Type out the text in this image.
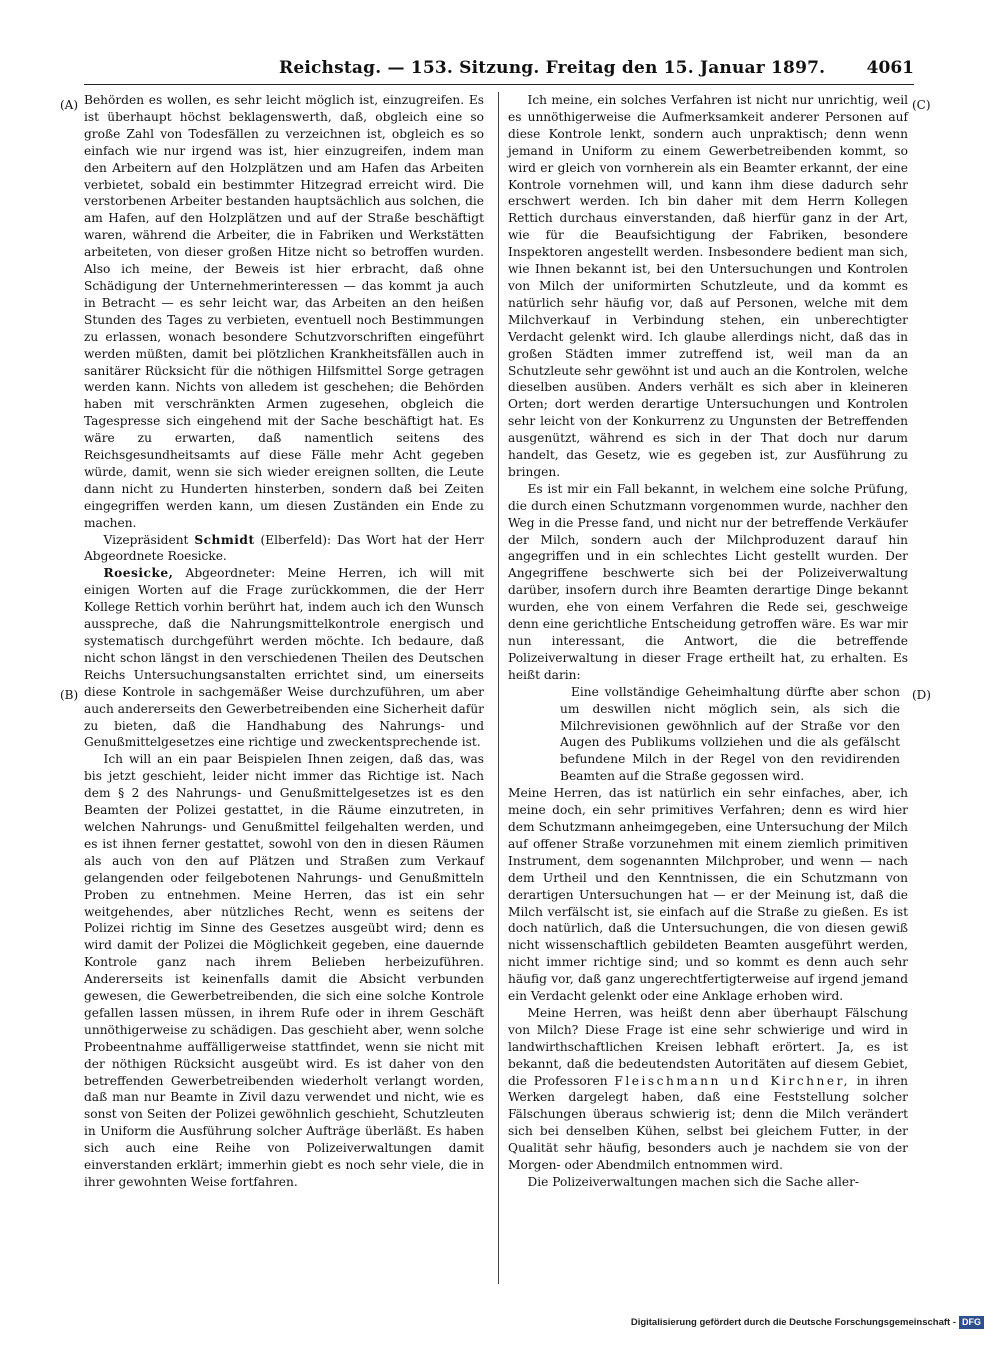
Reichstag. — 153. Sitzung. Freitag den 15. Januar 1897. 4061
(A)
(B)
(C)
(D)

Behörden es wollen, es sehr leicht möglich ist, einzugreifen. Es ist überhaupt höchst beklagenswerth, daß, obgleich eine so große Zahl von Todesfällen zu verzeichnen ist, obgleich es so einfach wie nur irgend was ist, hier einzugreifen, indem man den Arbeitern auf den Holzplätzen und am Hafen das Arbeiten verbietet, sobald ein bestimmter Hitzegrad erreicht wird. Die verstorbenen Arbeiter bestanden hauptsächlich aus solchen, die am Hafen, auf den Holzplätzen und auf der Straße beschäftigt waren, während die Arbeiter, die in Fabriken und Werkstätten arbeiteten, von dieser großen Hitze nicht so betroffen wurden. Also ich meine, der Beweis ist hier erbracht, daß ohne Schädigung der Unternehmerinteressen — das kommt ja auch in Betracht — es sehr leicht war, das Arbeiten an den heißen Stunden des Tages zu verbieten, eventuell noch Bestimmungen zu erlassen, wonach besondere Schutzvorschriften eingeführt werden müßten, damit bei plötzlichen Krankheitsfällen auch in sanitärer Rücksicht für die nöthigen Hilfsmittel Sorge getragen werden kann. Nichts von alledem ist geschehen; die Behörden haben mit verschränkten Armen zugesehen, obgleich die Tagespresse sich eingehend mit der Sache beschäftigt hat. Es wäre zu erwarten, daß namentlich seitens des Reichsgesundheitsamts auf diese Fälle mehr Acht gegeben würde, damit, wenn sie sich wieder ereignen sollten, die Leute dann nicht zu Hunderten hinsterben, sondern daß bei Zeiten eingegriffen werden kann, um diesen Zuständen ein Ende zu machen.

Vizepräsident Schmidt (Elberfeld): Das Wort hat der Herr Abgeordnete Roesicke.

Roesicke, Abgeordneter: Meine Herren, ich will mit einigen Worten auf die Frage zurückkommen, die der Herr Kollege Rettich vorhin berührt hat, indem auch ich den Wunsch ausspreche, daß die Nahrungsmittelkontrole energisch und systematisch durchgeführt werden möchte. Ich bedaure, daß nicht schon längst in den verschiedenen Theilen des Deutschen Reichs Untersuchungsanstalten errichtet sind, um einerseits diese Kontrole in sachgemäßer Weise durchzuführen, um aber auch andererseits den Gewerbetreibenden eine Sicherheit dafür zu bieten, daß die Handhabung des Nahrungs- und Genußmittelgesetzes eine richtige und zweckentsprechende ist.

Ich will an ein paar Beispielen Ihnen zeigen, daß das, was bis jetzt geschieht, leider nicht immer das Richtige ist. Nach dem § 2 des Nahrungs- und Genußmittelgesetzes ist es den Beamten der Polizei gestattet, in die Räume einzutreten, in welchen Nahrungs- und Genußmittel feilgehalten werden, und es ist ihnen ferner gestattet, sowohl von den in diesen Räumen als auch von den auf Plätzen und Straßen zum Verkauf gelangenden oder feilgebotenen Nahrungs- und Genußmitteln Proben zu entnehmen. Meine Herren, das ist ein sehr weitgehendes, aber nützliches Recht, wenn es seitens der Polizei richtig im Sinne des Gesetzes ausgeübt wird; denn es wird damit der Polizei die Möglichkeit gegeben, eine dauernde Kontrole ganz nach ihrem Belieben herbeizuführen. Andererseits ist keinenfalls damit die Absicht verbunden gewesen, die Gewerbetreibenden, die sich eine solche Kontrole gefallen lassen müssen, in ihrem Rufe oder in ihrem Geschäft unnöthigerweise zu schädigen. Das geschieht aber, wenn solche Probeentnahme auffälligerweise stattfindet, wenn sie nicht mit der nöthigen Rücksicht ausgeübt wird. Es ist daher von den betreffenden Gewerbetreibenden wiederholt verlangt worden, daß man nur Beamte in Zivil dazu verwendet und nicht, wie es sonst von Seiten der Polizei gewöhnlich geschieht, Schutzleuten in Uniform die Ausführung solcher Aufträge überläßt. Es haben sich auch eine Reihe von Polizeiverwaltungen damit einverstanden erklärt; immerhin giebt es noch sehr viele, die in ihrer gewohnten Weise fortfahren.

Ich meine, ein solches Verfahren ist nicht nur unrichtig, weil es unnöthigerweise die Aufmerksamkeit anderer Personen auf diese Kontrole lenkt, sondern auch unpraktisch; denn wenn jemand in Uniform zu einem Gewerbetreibenden kommt, so wird er gleich von vornherein als ein Beamter erkannt, der eine Kontrole vornehmen will, und kann ihm diese dadurch sehr erschwert werden. Ich bin daher mit dem Herrn Kollegen Rettich durchaus einverstanden, daß hierfür ganz in der Art, wie für die Beaufsichtigung der Fabriken, besondere Inspektoren angestellt werden. Insbesondere bedient man sich, wie Ihnen bekannt ist, bei den Untersuchungen und Kontrolen von Milch der uniformirten Schutzleute, und da kommt es natürlich sehr häufig vor, daß auf Personen, welche mit dem Milchverkauf in Verbindung stehen, ein unberechtigter Verdacht gelenkt wird. Ich glaube allerdings nicht, daß das in großen Städten immer zutreffend ist, weil man da an Schutzleute sehr gewöhnt ist und auch an die Kontrolen, welche dieselben ausüben. Anders verhält es sich aber in kleineren Orten; dort werden derartige Untersuchungen und Kontrolen sehr leicht von der Konkurrenz zu Ungunsten der Betreffenden ausgenützt, während es sich in der That doch nur darum handelt, das Gesetz, wie es gegeben ist, zur Ausführung zu bringen.

Es ist mir ein Fall bekannt, in welchem eine solche Prüfung, die durch einen Schutzmann vorgenommen wurde, nachher den Weg in die Presse fand, und nicht nur der betreffende Verkäufer der Milch, sondern auch der Milchproduzent darauf hin angegriffen und in ein schlechtes Licht gestellt wurden. Der Angegriffene beschwerte sich bei der Polizeiverwaltung darüber, insofern durch ihre Beamten derartige Dinge bekannt wurden, ehe von einem Verfahren die Rede sei, geschweige denn eine gerichtliche Entscheidung getroffen wäre. Es war mir nun interessant, die Antwort, die die betreffende Polizeiverwaltung in dieser Frage ertheilt hat, zu erhalten. Es heißt darin:

Eine vollständige Geheimhaltung dürfte aber schon um deswillen nicht möglich sein, als sich die Milchrevisionen gewöhnlich auf der Straße vor den Augen des Publikums vollziehen und die als gefälscht befundene Milch in der Regel von den revidirenden Beamten auf die Straße gegossen wird.

Meine Herren, das ist natürlich ein sehr einfaches, aber, ich meine doch, ein sehr primitives Verfahren; denn es wird hier dem Schutzmann anheimgegeben, eine Untersuchung der Milch auf offener Straße vorzunehmen mit einem ziemlich primitiven Instrument, dem sogenannten Milchprober, und wenn — nach dem Urtheil und den Kenntnissen, die ein Schutzmann von derartigen Untersuchungen hat — er der Meinung ist, daß die Milch verfälscht ist, sie einfach auf die Straße zu gießen. Es ist doch natürlich, daß die Untersuchungen, die von diesen gewiß nicht wissenschaftlich gebildeten Beamten ausgeführt werden, nicht immer richtige sind; und so kommt es denn auch sehr häufig vor, daß ganz ungerechtfertigterweise auf irgend jemand ein Verdacht gelenkt oder eine Anklage erhoben wird.

Meine Herren, was heißt denn aber überhaupt Fälschung von Milch? Diese Frage ist eine sehr schwierige und wird in landwirthschaftlichen Kreisen lebhaft erörtert. Ja, es ist bekannt, daß die bedeutendsten Autoritäten auf diesem Gebiet, die Professoren Fleischmann und Kirchner, in ihren Werken dargelegt haben, daß eine Feststellung solcher Fälschungen überaus schwierig ist; denn die Milch verändert sich bei denselben Kühen, selbst bei gleichem Futter, in der Qualität sehr häufig, besonders auch je nachdem sie von der Morgen- oder Abendmilch entnommen wird.

Die Polizeiverwaltungen machen sich die Sache aller-

Digitalisierung gefördert durch die Deutsche Forschungsgemeinschaft - DFG
